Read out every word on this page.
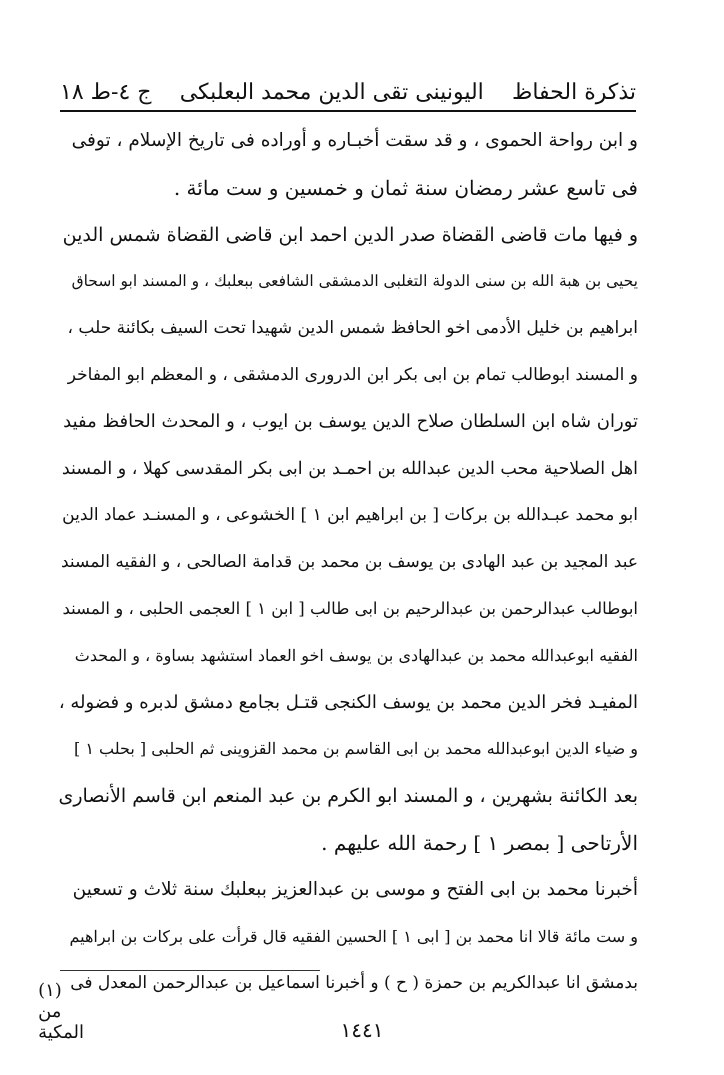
تذكرة الحفاظ
اليونينى تقى الدين محمد البعلبكى
ج ٤-ط ١٨
و ابن رواحة الحموى ، و قد سقت أخبـاره و أوراده فى تاريخ الإسلام ، توفى
فى تاسع عشر رمضان سنة ثمان و خمسين و ست مائة .
و فيها مات قاضى القضاة صدر الدين احمد ابن قاضى القضاة شمس الدين
يحيى بن هبة الله بن سنى الدولة التغلبى الدمشقى الشافعى ببعلبك ، و المسند ابو اسحاق
ابراهيم بن خليل الأدمى اخو الحافظ شمس الدين شهيدا تحت السيف بكائنة حلب ،
و المسند ابوطالب تمام بن ابى بكر ابن الدرورى الدمشقى ، و المعظم ابو المفاخر
توران شاه ابن السلطان صلاح الدين يوسف بن ايوب ، و المحدث الحافظ مفيد
اهل الصلاحية محب الدين عبدالله بن احمـد بن ابى بكر المقدسى كهلا ، و المسند
ابو محمد عبـدالله بن بركات [ بن ابراهيم ابن ١ ] الخشوعى ، و المسنـد عماد الدين
عبد المجيد بن عبد الهادى بن يوسف بن محمد بن قدامة الصالحى ، و الفقيه المسند
ابوطالب عبدالرحمن بن عبدالرحيم بن ابى طالب [ ابن ١ ] العجمى الحلبى ، و المسند
الفقيه ابوعبدالله محمد بن عبدالهادى بن يوسف اخو العماد استشهد بساوة ، و المحدث
المفيـد فخر الدين محمد بن يوسف الكنجى قتـل بجامع دمشق لدبره و فضوله ،
و ضياء الدين ابوعبدالله محمد بن ابى القاسم بن محمد القزوينى ثم الحلبى [ بحلب ١ ]
بعد الكائنة بشهرين ، و المسند ابو الكرم بن عبد المنعم ابن قاسم الأنصارى
الأرتاحى [ بمصر ١ ] رحمة الله عليهم .
أخبرنا محمد بن ابى الفتح و موسى بن عبدالعزيز ببعلبك سنة ثلاث و تسعين
و ست مائة قالا انا محمد بن [ ابى ١ ] الحسين الفقيه قال قرأت على بركات بن ابراهيم
بدمشق انا عبدالكريم بن حمزة ( ح ) و أخبرنا اسماعيل بن عبدالرحمن المعدل فى
(١) من المكية	١٤٤١
